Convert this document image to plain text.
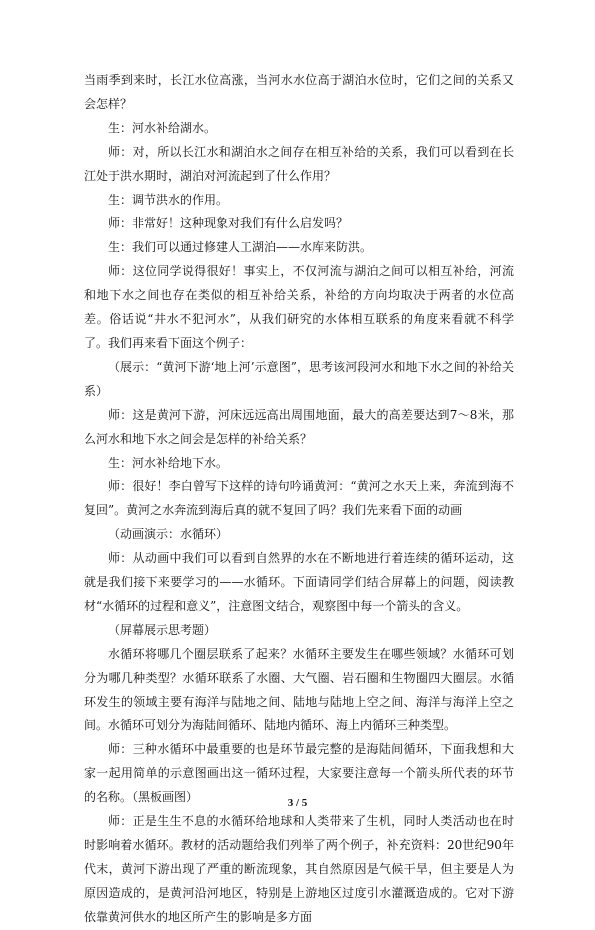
当雨季到来时，长江水位高涨，当河水水位高于湖泊水位时，它们之间的关系又会怎样？

生：河水补给湖水。

师：对，所以长江水和湖泊水之间存在相互补给的关系，我们可以看到在长江处于洪水期时，湖泊对河流起到了什么作用？

生：调节洪水的作用。

师：非常好！这种现象对我们有什么启发吗？

生：我们可以通过修建人工湖泊——水库来防洪。

师：这位同学说得很好！事实上，不仅河流与湖泊之间可以相互补给，河流和地下水之间也存在类似的相互补给关系，补给的方向均取决于两者的水位高差。俗话说“井水不犯河水”，从我们研究的水体相互联系的角度来看就不科学了。我们再来看下面这个例子：

（展示：“黄河下游‘地上河’示意图”，思考该河段河水和地下水之间的补给关系）

师：这是黄河下游，河床远远高出周围地面，最大的高差要达到7～8米，那么河水和地下水之间会是怎样的补给关系？

生：河水补给地下水。

师：很好！李白曾写下这样的诗句吟诵黄河：“黄河之水天上来，奔流到海不复回”。黄河之水奔流到海后真的就不复回了吗？我们先来看下面的动画

（动画演示：水循环）

师：从动画中我们可以看到自然界的水在不断地进行着连续的循环运动，这就是我们接下来要学习的——水循环。下面请同学们结合屏幕上的问题，阅读教材“水循环的过程和意义”，注意图文结合，观察图中每一个箭头的含义。

（屏幕展示思考题）

水循环将哪几个圈层联系了起来？水循环主要发生在哪些领域？水循环可划分为哪几种类型？水循环联系了水圈、大气圈、岩石圈和生物圈四大圈层。水循环发生的领域主要有海洋与陆地之间、陆地与陆地上空之间、海洋与海洋上空之间。水循环可划分为海陆间循环、陆地内循环、海上内循环三种类型。

师：三种水循环中最重要的也是环节最完整的是海陆间循环，下面我想和大家一起用简单的示意图画出这一循环过程，大家要注意每一个箭头所代表的环节的名称。（黑板画图）

师：正是生生不息的水循环给地球和人类带来了生机，同时人类活动也在时时影响着水循环。教材的活动题给我们列举了两个例子，补充资料：20世纪90年代末，黄河下游出现了严重的断流现象，其自然原因是气候干旱，但主要是人为原因造成的，是黄河沿河地区，特别是上游地区过度引水灌溉造成的。它对下游依靠黄河供水的地区所产生的影响是多方面

3 / 5
